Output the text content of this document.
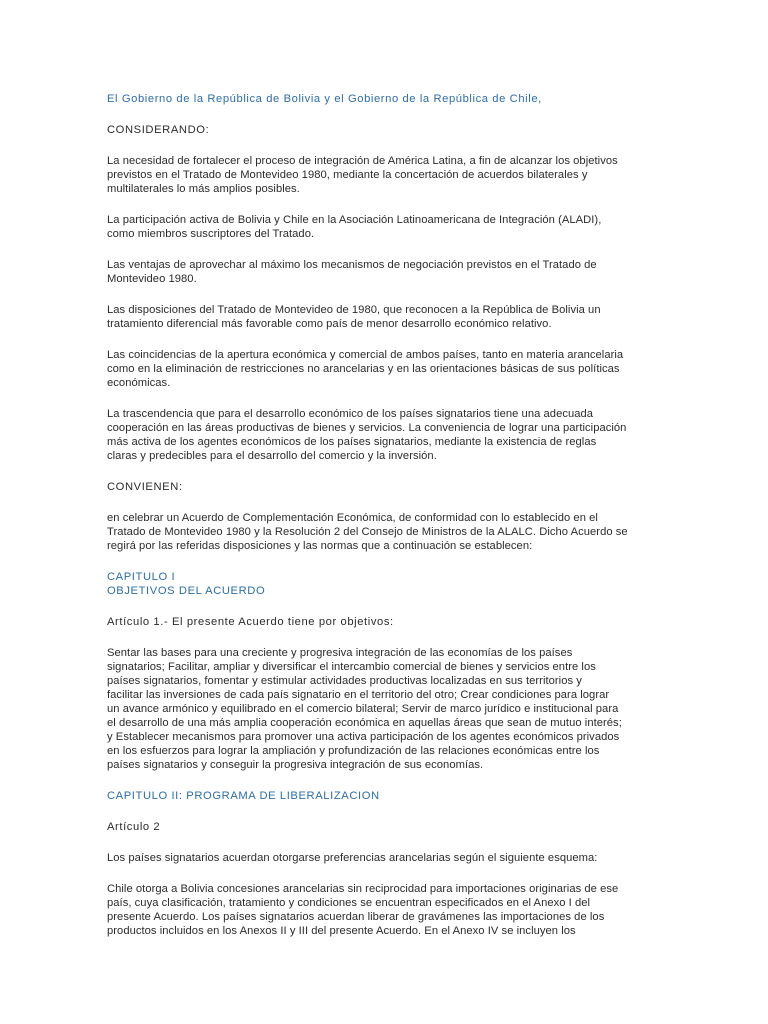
El Gobierno de la República de Bolivia y el Gobierno de la República de Chile,

CONSIDERANDO:

La necesidad de fortalecer el proceso de integración de América Latina, a fin de alcanzar los objetivos
previstos en el Tratado de Montevideo 1980, mediante la concertación de acuerdos bilaterales y
multilaterales lo más amplios posibles.

La participación activa de Bolivia y Chile en la Asociación Latinoamericana de Integración (ALADI),
como miembros suscriptores del Tratado.

Las ventajas de aprovechar al máximo los mecanismos de negociación previstos en el Tratado de
Montevideo 1980.

Las disposiciones del Tratado de Montevideo de 1980, que reconocen a la República de Bolivia un
tratamiento diferencial más favorable como país de menor desarrollo económico relativo.

Las coincidencias de la apertura económica y comercial de ambos países, tanto en materia arancelaria
como en la eliminación de restricciones no arancelarias y en las orientaciones básicas de sus políticas
económicas.

La trascendencia que para el desarrollo económico de los países signatarios tiene una adecuada
cooperación en las áreas productivas de bienes y servicios. La conveniencia de lograr una participación
más activa de los agentes económicos de los países signatarios, mediante la existencia de reglas
claras y predecibles para el desarrollo del comercio y la inversión.

CONVIENEN:

en celebrar un Acuerdo de Complementación Económica, de conformidad con lo establecido en el
Tratado de Montevideo 1980 y la Resolución 2 del Consejo de Ministros de la ALALC. Dicho Acuerdo se
regirá por las referidas disposiciones y las normas que a continuación se establecen:

CAPITULO I

OBJETIVOS DEL ACUERDO

Artículo 1.- El presente Acuerdo tiene por objetivos:

Sentar las bases para una creciente y progresiva integración de las economías de los países
signatarios; Facilitar, ampliar y diversificar el intercambio comercial de bienes y servicios entre los
países signatarios, fomentar y estimular actividades productivas localizadas en sus territorios y
facilitar las inversiones de cada país signatario en el territorio del otro; Crear condiciones para lograr
un avance armónico y equilibrado en el comercio bilateral; Servir de marco jurídico e institucional para
el desarrollo de una más amplia cooperación económica en aquellas áreas que sean de mutuo interés;
y Establecer mecanismos para promover una activa participación de los agentes económicos privados
en los esfuerzos para lograr la ampliación y profundización de las relaciones económicas entre los
países signatarios y conseguir la progresiva integración de sus economías.

CAPITULO II: PROGRAMA DE LIBERALIZACION

Artículo 2

Los países signatarios acuerdan otorgarse preferencias arancelarias según el siguiente esquema:

Chile otorga a Bolivia concesiones arancelarias sin reciprocidad para importaciones originarias de ese
país, cuya clasificación, tratamiento y condiciones se encuentran especificados en el Anexo I del
presente Acuerdo. Los países signatarios acuerdan liberar de gravámenes las importaciones de los
productos incluidos en los Anexos II y III del presente Acuerdo. En el Anexo IV se incluyen los
